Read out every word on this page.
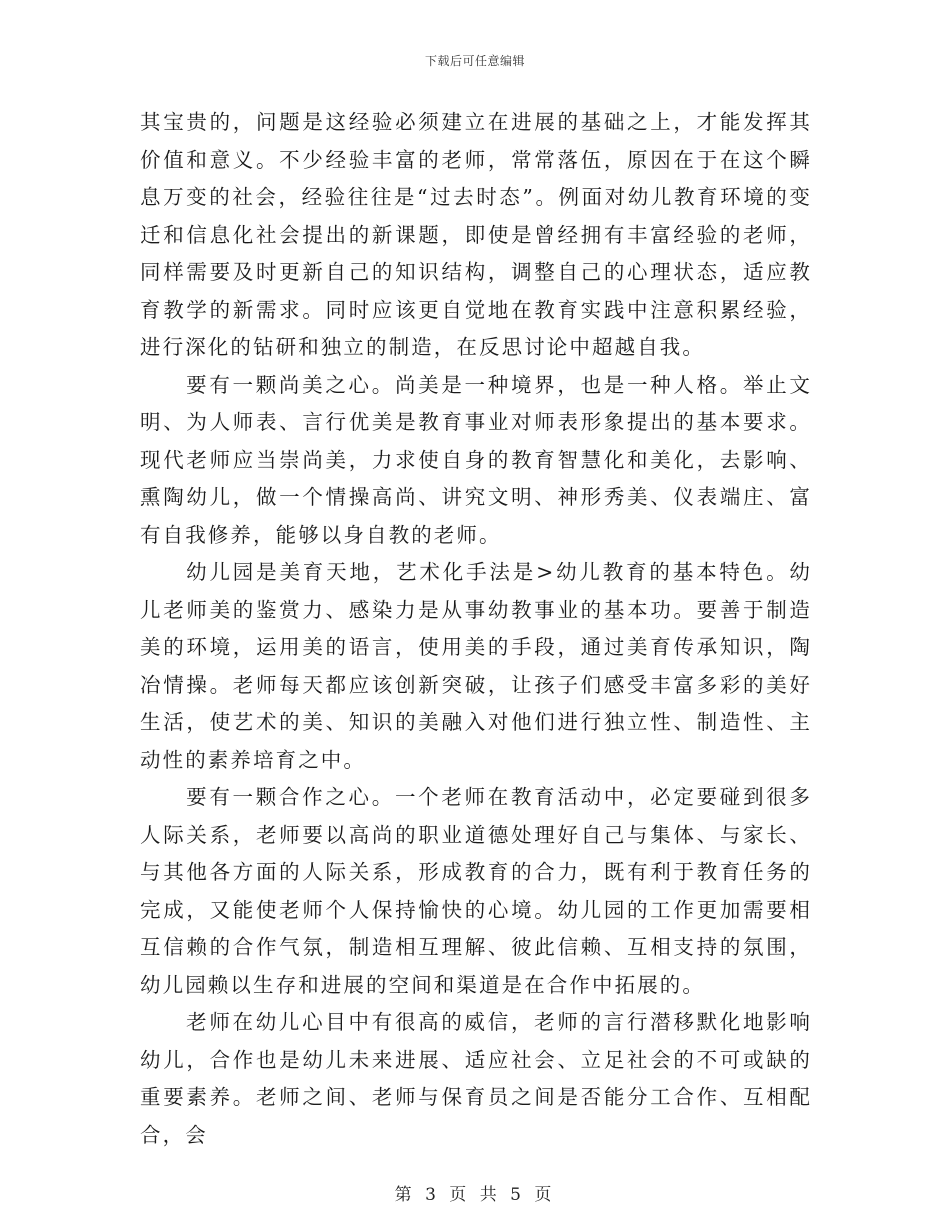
下载后可任意编辑

其宝贵的，问题是这经验必须建立在进展的基础之上，才能发挥其价值和意义。不少经验丰富的老师，常常落伍，原因在于在这个瞬息万变的社会，经验往往是“过去时态”。例面对幼儿教育环境的变迁和信息化社会提出的新课题，即使是曾经拥有丰富经验的老师，同样需要及时更新自己的知识结构，调整自己的心理状态，适应教育教学的新需求。同时应该更自觉地在教育实践中注意积累经验，进行深化的钻研和独立的制造，在反思讨论中超越自我。

要有一颗尚美之心。尚美是一种境界，也是一种人格。举止文明、为人师表、言行优美是教育事业对师表形象提出的基本要求。现代老师应当崇尚美，力求使自身的教育智慧化和美化，去影响、熏陶幼儿，做一个情操高尚、讲究文明、神形秀美、仪表端庄、富有自我修养，能够以身自教的老师。

幼儿园是美育天地，艺术化手法是>幼儿教育的基本特色。幼儿老师美的鉴赏力、感染力是从事幼教事业的基本功。要善于制造美的环境，运用美的语言，使用美的手段，通过美育传承知识，陶冶情操。老师每天都应该创新突破，让孩子们感受丰富多彩的美好生活，使艺术的美、知识的美融入对他们进行独立性、制造性、主动性的素养培育之中。

要有一颗合作之心。一个老师在教育活动中，必定要碰到很多人际关系，老师要以高尚的职业道德处理好自己与集体、与家长、与其他各方面的人际关系，形成教育的合力，既有利于教育任务的完成，又能使老师个人保持愉快的心境。幼儿园的工作更加需要相互信赖的合作气氛，制造相互理解、彼此信赖、互相支持的氛围，幼儿园赖以生存和进展的空间和渠道是在合作中拓展的。

老师在幼儿心目中有很高的威信，老师的言行潜移默化地影响幼儿，合作也是幼儿未来进展、适应社会、立足社会的不可或缺的重要素养。老师之间、老师与保育员之间是否能分工合作、互相配合，会

第 3 页 共 5 页
